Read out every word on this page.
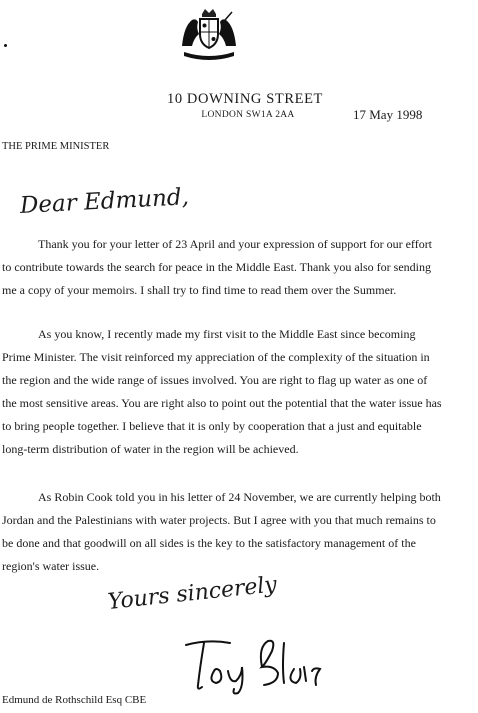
10 DOWNING STREET
LONDON SW1A 2AA	17 May 1998
THE PRIME MINISTER
Dear Edmund,
Thank you for your letter of 23 April and your expression of support for our effort to contribute towards the search for peace in the Middle East. Thank you also for sending me a copy of your memoirs. I shall try to find time to read them over the Summer.
As you know, I recently made my first visit to the Middle East since becoming Prime Minister. The visit reinforced my appreciation of the complexity of the situation in the region and the wide range of issues involved. You are right to flag up water as one of the most sensitive areas. You are right also to point out the potential that the water issue has to bring people together. I believe that it is only by cooperation that a just and equitable long-term distribution of water in the region will be achieved.
As Robin Cook told you in his letter of 24 November, we are currently helping both Jordan and the Palestinians with water projects. But I agree with you that much remains to be done and that goodwill on all sides is the key to the satisfactory management of the region's water issue.
Yours sincerely
Edmund de Rothschild Esq CBE
